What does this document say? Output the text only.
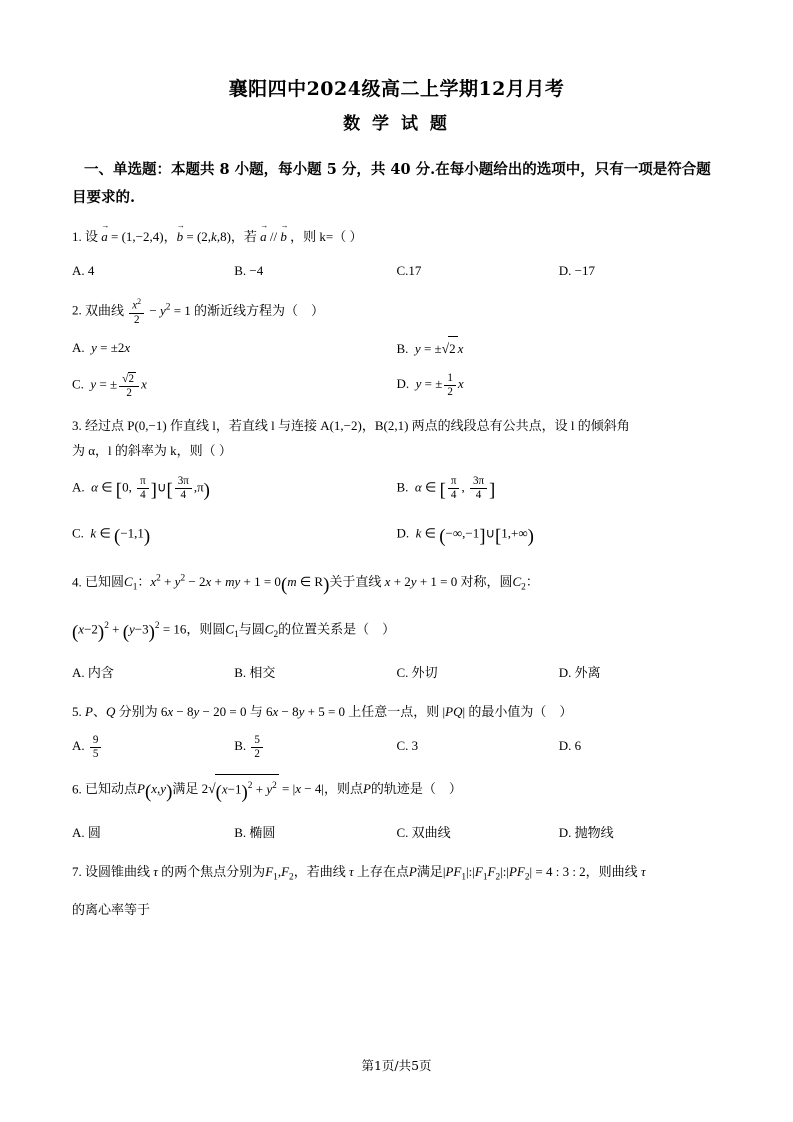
襄阳四中2024级高二上学期12月月考
数 学 试 题
一、单选题：本题共 8 小题，每小题 5 分，共 40 分.在每小题给出的选项中，只有一项是符合题目要求的.
1. 设 a → = (1,−2,4)，b → = (2,k,8)，若 a → // b → ，则 k=（ ）
A. 4	B. −4	C.17	D. −17
2. 双曲线 $\frac{x^2}{2} - y^2 = 1$ 的渐近线方程为（    ）
A. y = ±2x	B. y = ±√2 x
C. y = ± $\frac{√2}{2}$ x	D. y = ± $\frac{1}{2}$ x
3. 经过点 P(0,−1) 作直线 l，若直线 l 与连接 A(1,−2)，B(2,1) 两点的线段总有公共点，设 l 的倾斜角
为 α，l 的斜率为 k，则（ ）
A.  α ∈ [0, $\frac{\pi}{4}$ ]∪[ $\frac{3\pi}{4} ,\pi$)	B.  α ∈ [ $\frac{\pi}{4}$ , $\frac{3\pi}{4}$ ]
C.  k ∈ (−1,1)	D.  k ∈ (−∞,−1]∪[1,+∞)
4. 已知圆$C_1$：$x^2 + y^2 - 2x$ + my + 1 = 0(m ∈ R)关于直线 x + 2y + 1 = 0 对称，圆$C_2$：
$(x-2)^2 + (y-3)^2 = 16$，则圆$C_1$与圆$C_2$的位置关系是（    ）
A. 内含	B. 相交	C. 外切	D. 外离
5. P、Q 分别为 6x − 8y − 20 = 0 与 6x − 8y + 5 = 0 上任意一点，则 |PQ| 的最小值为（    ）
A. $\frac{9}{5}$	B. $\frac{5}{2}$	C. 3	D. 6
6. 已知动点P(x,y)满足 $2√(x-1)^2 + y^2 = |x - 4|$，则点P的轨迹是（    ）
A. 圆	B. 椭圆	C. 双曲线	D. 抛物线
7. 设圆锥曲线 τ 的两个焦点分别为$F_1,F_2$，若曲线 τ 上存在点P满足$|PF_1|:|F_1F_2|:|PF_2| = 4$ : 3 : 2，则曲线 τ
的离心率等于
第1页/共5页
